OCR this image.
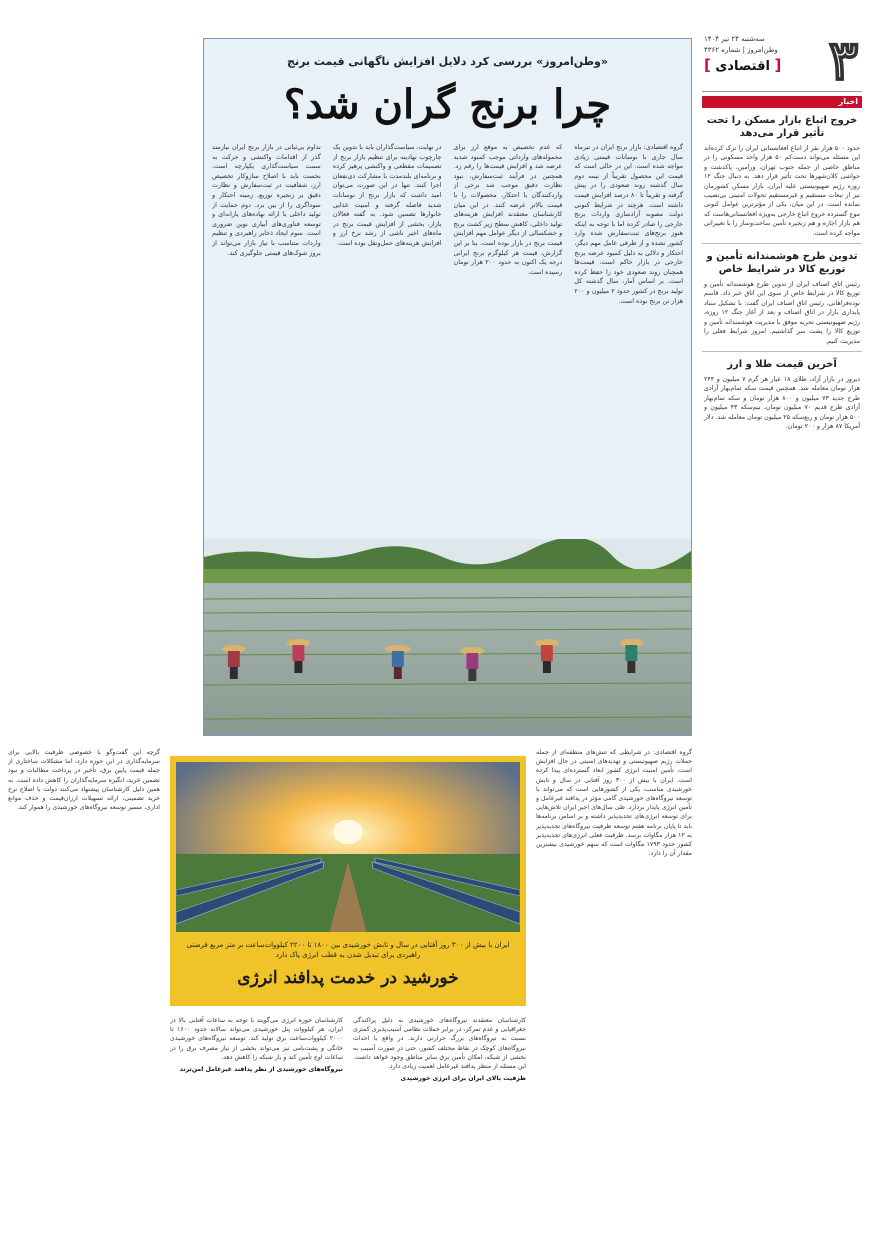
۳
سه‌شنبه ۲۴ تیر ۱۴۰۴
وطن‌امروز | شماره ۴۳۶۲
[ اقتصادی ]
اخبار
خروج اتباع بازار مسکن را تحت تأثیر قرار می‌دهد

حدود ۵۰۰ هزار نفر از اتباع افغانستانی ایران را ترک کرده‌اند این مسئله می‌تواند دست‌کم ۵۰ هزار واحد مسکونی را در مناطق خاصی از جمله جنوب تهران، ورامین، پاکدشت و حواشی کلان‌شهرها تحت تأثیر قرار دهد. به دنبال جنگ ۱۲ روزه رژیم صهیونیستی علیه ایران، بازار مسکن کشورمان نیز از تبعات مستقیم و غیرمستقیم تحولات امنیتی بی‌نصیب نمانده است. در این میان، یکی از مؤثرترین عوامل کنونی موج گسترده خروج اتباع خارجی به‌ویژه افغانستانی‌هاست که هم بازار اجاره و هم زنجیره تأمین ساخت‌وساز را با تغییراتی مواجه کرده است.

تدوین طرح هوشمندانه تأمین و توزیع کالا در شرایط خاص

رئیس اتاق اصناف ایران از تدوین طرح هوشمندانه تأمین و توزیع کالا در شرایط خاص از سوی این اتاق خبر داد. قاسم نوده‌فراهانی، رئیس اتاق اصناف ایران گفت: با تشکیل ستاد پایداری بازار در اتاق اصناف و بعد از آغاز جنگ ۱۲ روزه، رژیم صهیونیستی تجربه موفق با مدیریت هوشمندانه تأمین و توزیع کالا را پشت سر گذاشتیم. امروز شرایط فعلی را مدیریت کنیم.

آخرین قیمت طلا و ارز

دیروز در بازار آزاد، طلای ۱۸ عیار هر گرم ۷ میلیون و ۲۴۴ هزار تومان معامله شد. همچنین قیمت سکه تمام‌بهار آزادی طرح جدید ۷۳ میلیون و ۸۰۰ هزار تومان و سکه تمام‌بهار آزادی طرح قدیم ۷۰ میلیون تومان، نیم‌سکه ۴۳ میلیون و ۵۰۰ هزار تومان و ربع‌سکه ۲۵ میلیون تومان معامله شد. دلار آمریکا ۸۷ هزار و ۲۰۰ تومان.

«وطن‌امروز» بررسی کرد دلایل افزایش ناگهانی قیمت برنج
چرا برنج گران شد؟
گروه اقتصادی: بازار برنج ایران در تیرماه سال جاری با نوسانات قیمتی زیادی مواجه شده است. این در حالی است که قیمت این محصول تقریباً از نیمه دوم سال گذشته روند صعودی را در پیش گرفته و تقریباً تا ۸۰ درصد افزایش قیمت داشته است. هرچند در شرایط کنونی دولت مصوبه آزادسازی واردات برنج خارجی را صادر کرده اما با توجه به اینکه هنوز برنج‌های ثبت‌سفارش شده وارد کشور نشده و از طرفی عامل مهم دیگر، احتکار و دلالی به دلیل کمبود عرضه برنج خارجی در بازار حاکم است، قیمت‌ها همچنان روند صعودی خود را حفظ کرده است. بر اساس آمار، سال گذشته کل تولید برنج در کشور حدود ۲ میلیون و ۲۰۰ هزار تن برنج بوده است.
که عدم تخصیص به موقع ارز برای محموله‌های وارداتی موجب کمبود شدید عرضه شد و افزایش قیمت‌ها را رقم زد. همچنین در فرآیند ثبت‌سفارش، نبود نظارت دقیق موجب شد برخی از واردکنندگان با احتکار، محصولات را با قیمت بالاتر عرضه کنند. در این میان کارشناسان معتقدند افزایش هزینه‌های تولید داخلی، کاهش سطح زیر کشت برنج و خشکسالی از دیگر عوامل مهم افزایش قیمت برنج در بازار بوده است. بنا بر این گزارش، قیمت هر کیلوگرم برنج ایرانی درجه یک اکنون به حدود ۲۰۰ هزار تومان رسیده است.
در نهایت، سیاست‌گذاران باید با تدوین یک چارچوب نهادینه برای تنظیم بازار برنج از تصمیمات مقطعی و واکنشی پرهیز کرده و برنامه‌ای بلندمدت با مشارکت ذی‌نفعان اجرا کنند. تنها در این صورت می‌توان امید داشت که بازار برنج از نوسانات شدید فاصله گرفته و امنیت غذایی خانوارها تضمین شود. به گفته فعالان بازار، بخشی از افزایش قیمت برنج در ماه‌های اخیر ناشی از رشد نرخ ارز و افزایش هزینه‌های حمل‌ونقل بوده است.
تداوم بی‌ثباتی در بازار برنج ایران نیازمند گذر از اقدامات واکنشی و حرکت به سمت سیاست‌گذاری یکپارچه است. نخست باید با اصلاح سازوکار تخصیص ارز، شفافیت در ثبت‌سفارش و نظارت دقیق بر زنجیره توزیع، زمینه احتکار و سوداگری را از بین برد. دوم حمایت از تولید داخلی با ارائه نهاده‌های یارانه‌ای و توسعه فناوری‌های آبیاری نوین ضروری است. سوم ایجاد ذخایر راهبردی و تنظیم واردات متناسب با نیاز بازار می‌تواند از بروز شوک‌های قیمتی جلوگیری کند.
گروه اقتصادی: در شرایطی که تنش‌های منطقه‌ای از جمله حملات رژیم صهیونیستی و تهدیدهای امنیتی در حال افزایش است، تأمین امنیت انرژی کشور ابعاد گسترده‌ای پیدا کرده است. ایران با بیش از ۳۰۰ روز آفتابی در سال و تابش خورشیدی مناسب، یکی از کشورهایی است که می‌تواند با توسعه نیروگاه‌های خورشیدی گامی مؤثر در پدافند غیرعامل و تأمین انرژی پایدار بردارد. طی سال‌های اخیر ایران تلاش‌هایی برای توسعه انرژی‌های تجدیدپذیر داشته و بر اساس برنامه‌ها باید تا پایان برنامه هفتم توسعه ظرفیت نیروگاه‌های تجدیدپذیر به ۱۲ هزار مگاوات برسد. ظرفیت فعلی انرژی‌های تجدیدپذیر کشور حدود ۱۷۹۳ مگاوات است که سهم خورشیدی بیشترین مقدار آن را دارد.
ایران با بیش از ۳۰۰ روز آفتابی در سال و تابش خورشیدی بین ۱۸۰۰ تا ۲۲۰۰ کیلووات‌ساعت بر متر مربع فرصتی راهبردی برای تبدیل شدن به قطب انرژی پاک دارد
خورشید در خدمت پدافند انرژی
کارشناسان معتقدند نیروگاه‌های خورشیدی به دلیل پراکندگی جغرافیایی و عدم تمرکز، در برابر حملات نظامی آسیب‌پذیری کمتری نسبت به نیروگاه‌های بزرگ حرارتی دارند. در واقع با احداث نیروگاه‌های کوچک در نقاط مختلف کشور، حتی در صورت آسیب به بخشی از شبکه، امکان تأمین برق سایر مناطق وجود خواهد داشت. این مسئله از منظر پدافند غیرعامل اهمیت زیادی دارد.
ظرفیت بالای ایران برای انرژی خورشیدی
کارشناسان حوزه انرژی می‌گویند با توجه به ساعات آفتابی بالا در ایران، هر کیلووات پنل خورشیدی می‌تواند سالانه حدود ۱۶۰۰ تا ۲۰۰۰ کیلووات‌ساعت برق تولید کند. توسعه نیروگاه‌های خورشیدی خانگی و پشت‌بامی نیز می‌تواند بخشی از نیاز مصرف برق را در ساعات اوج تأمین کند و بار شبکه را کاهش دهد.
نیروگاه‌های خورشیدی از نظر پدافند غیرعامل امن‌ترند
گرچه این گفت‌وگو با خصوصی ظرفیت بالایی برای سرمایه‌گذاری در این حوزه دارد، اما مشکلات ساختاری از جمله قیمت پایین برق، تأخیر در پرداخت مطالبات و نبود تضمین خرید، انگیزه سرمایه‌گذاران را کاهش داده است. به همین دلیل کارشناسان پیشنهاد می‌کنند دولت با اصلاح نرخ خرید تضمینی، ارائه تسهیلات ارزان‌قیمت و حذف موانع اداری، مسیر توسعه نیروگاه‌های خورشیدی را هموار کند.
